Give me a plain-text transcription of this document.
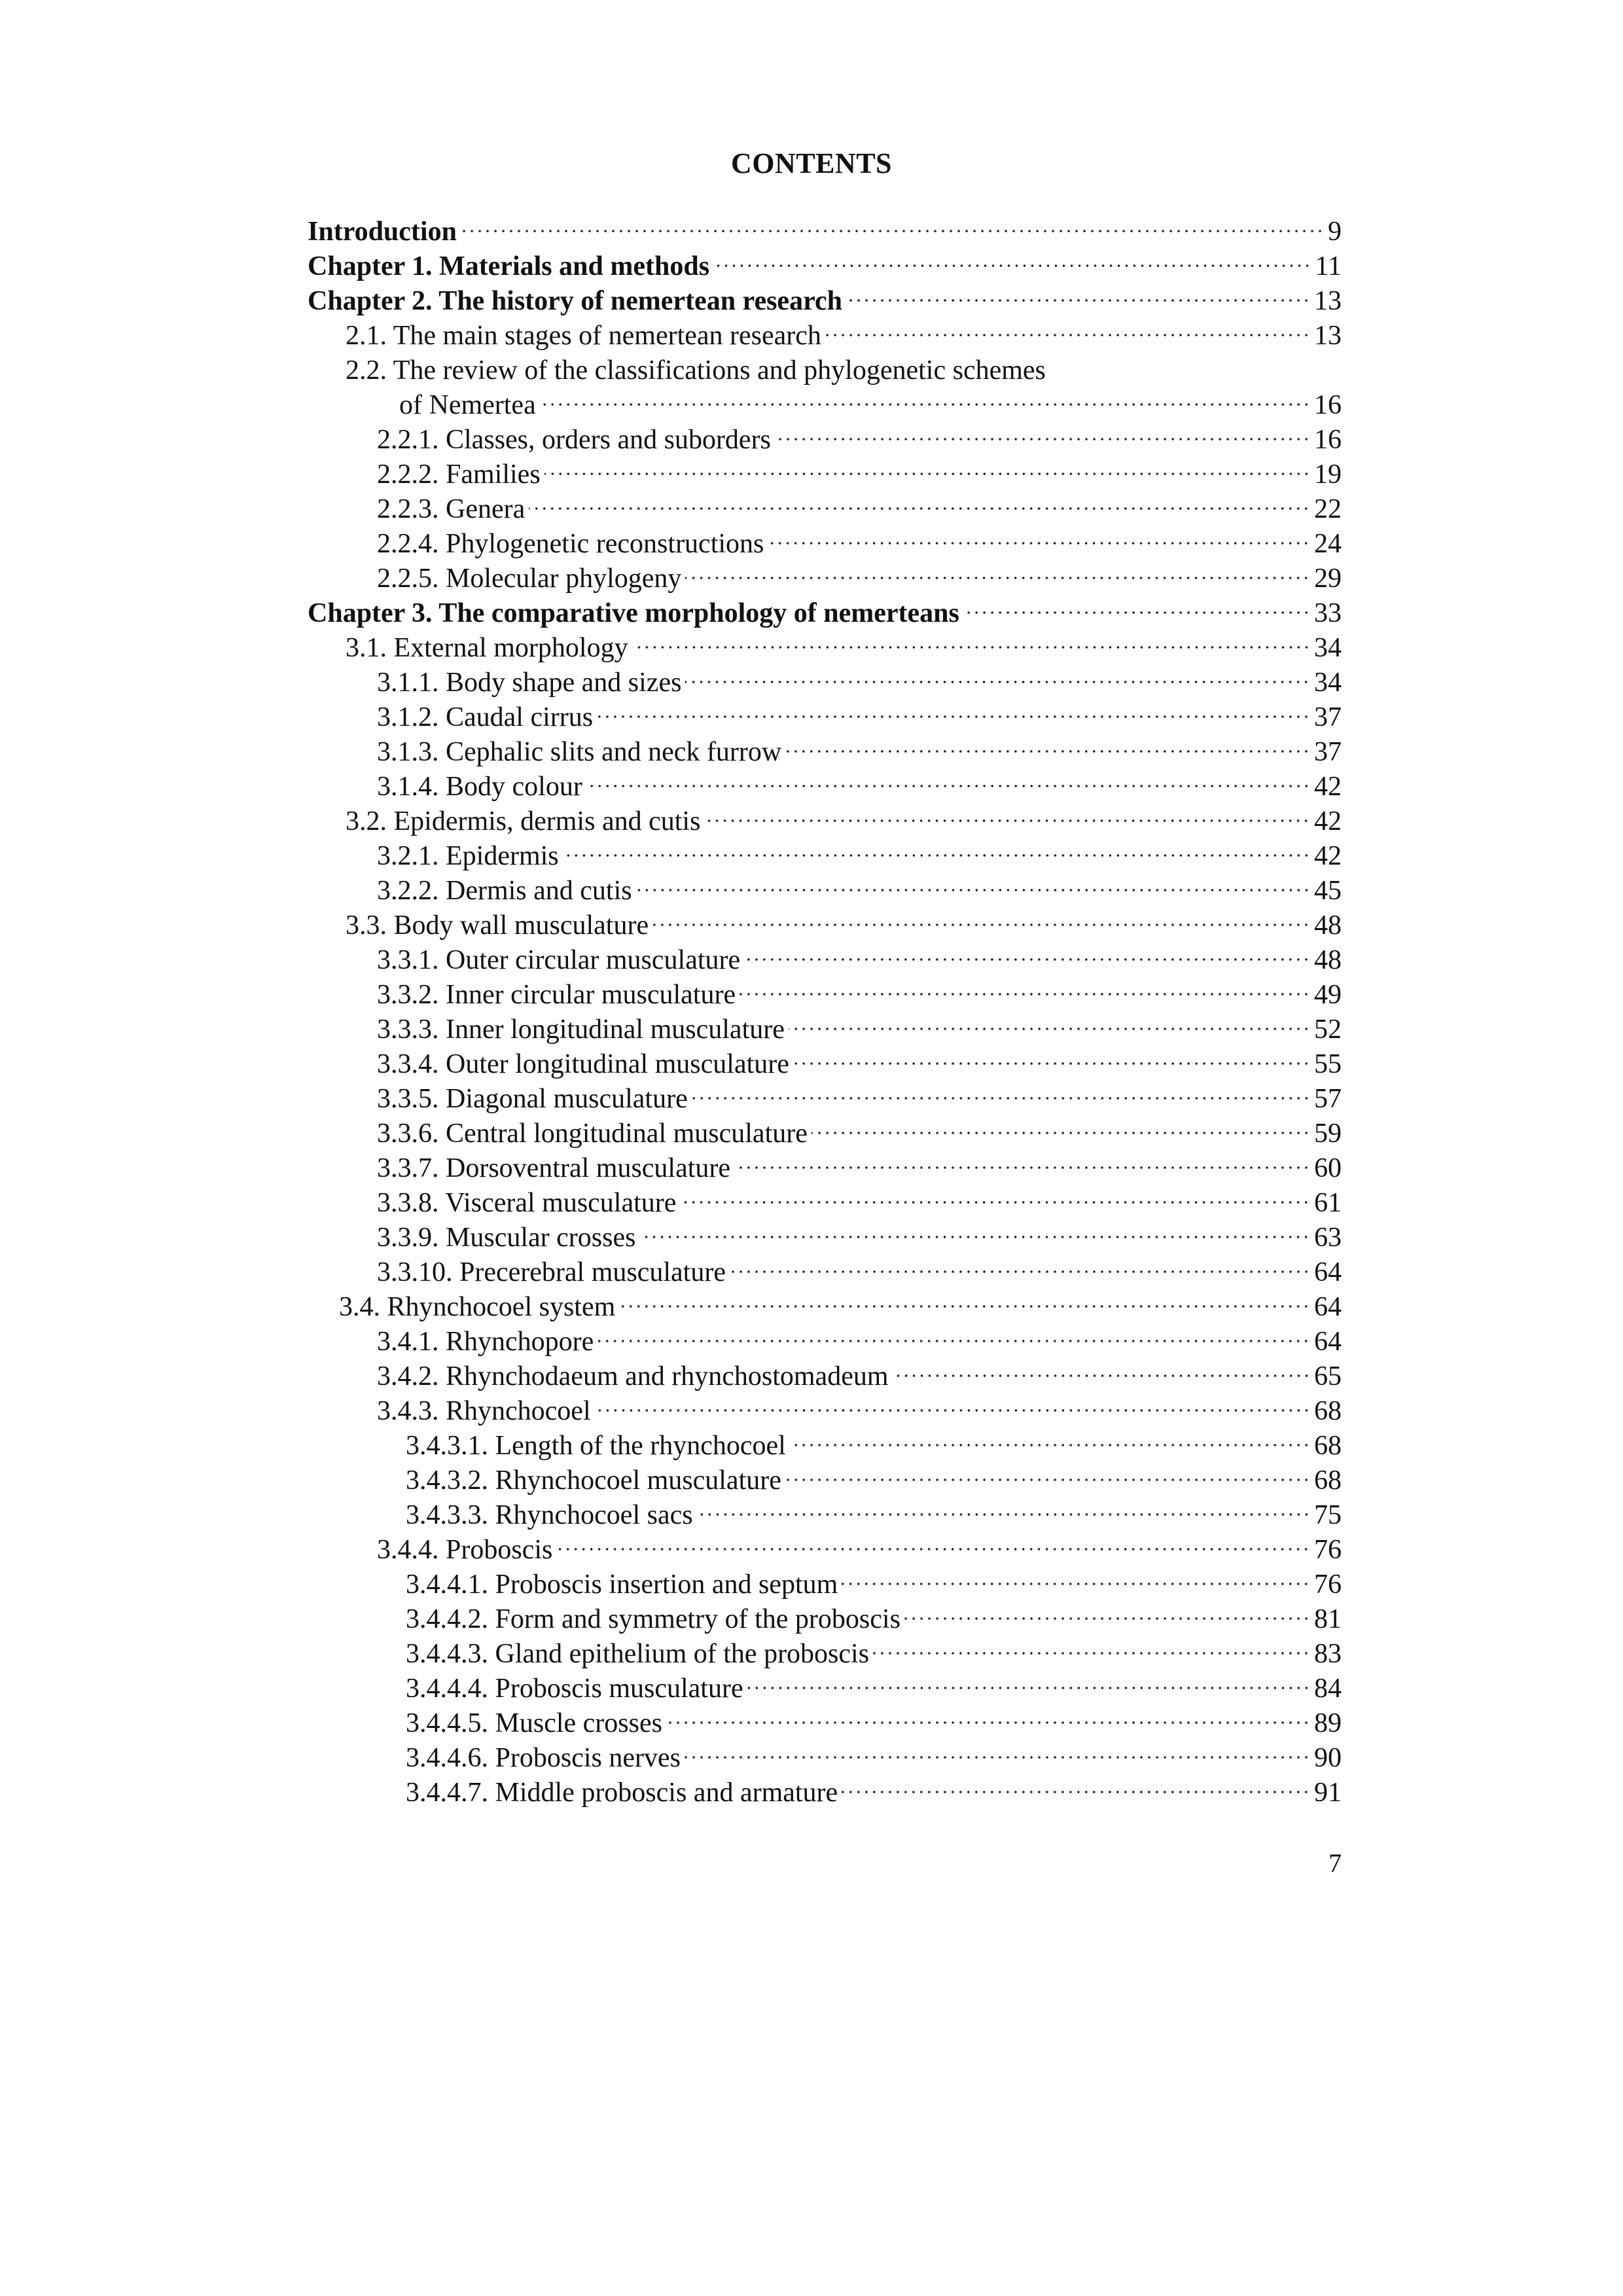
CONTENTS
Introduction	9
Chapter 1. Materials and methods	11
Chapter 2. The history of nemertean research	13
2.1. The main stages of nemertean research	13
2.2. The review of the classifications and phylogenetic schemes
of Nemertea	16
2.2.1. Classes, orders and suborders	16
2.2.2. Families	19
2.2.3. Genera	22
2.2.4. Phylogenetic reconstructions	24
2.2.5. Molecular phylogeny	29
Chapter 3. The comparative morphology of nemerteans	33
3.1. External morphology	34
3.1.1. Body shape and sizes	34
3.1.2. Caudal cirrus	37
3.1.3. Cephalic slits and neck furrow	37
3.1.4. Body colour	42
3.2. Epidermis, dermis and cutis	42
3.2.1. Epidermis	42
3.2.2. Dermis and cutis	45
3.3. Body wall musculature	48
3.3.1. Outer circular musculature	48
3.3.2. Inner circular musculature	49
3.3.3. Inner longitudinal musculature	52
3.3.4. Outer longitudinal musculature	55
3.3.5. Diagonal musculature	57
3.3.6. Central longitudinal musculature	59
3.3.7. Dorsoventral musculature	60
3.3.8. Visceral musculature	61
3.3.9. Muscular crosses	63
3.3.10. Precerebral musculature	64
3.4. Rhynchocoel system	64
3.4.1. Rhynchopore	64
3.4.2. Rhynchodaeum and rhynchostomadeum	65
3.4.3. Rhynchocoel	68
3.4.3.1. Length of the rhynchocoel	68
3.4.3.2. Rhynchocoel musculature	68
3.4.3.3. Rhynchocoel sacs	75
3.4.4. Proboscis	76
3.4.4.1. Proboscis insertion and septum	76
3.4.4.2. Form and symmetry of the proboscis	81
3.4.4.3. Gland epithelium of the proboscis	83
3.4.4.4. Proboscis musculature	84
3.4.4.5. Muscle crosses	89
3.4.4.6. Proboscis nerves	90
3.4.4.7. Middle proboscis and armature	91
7
